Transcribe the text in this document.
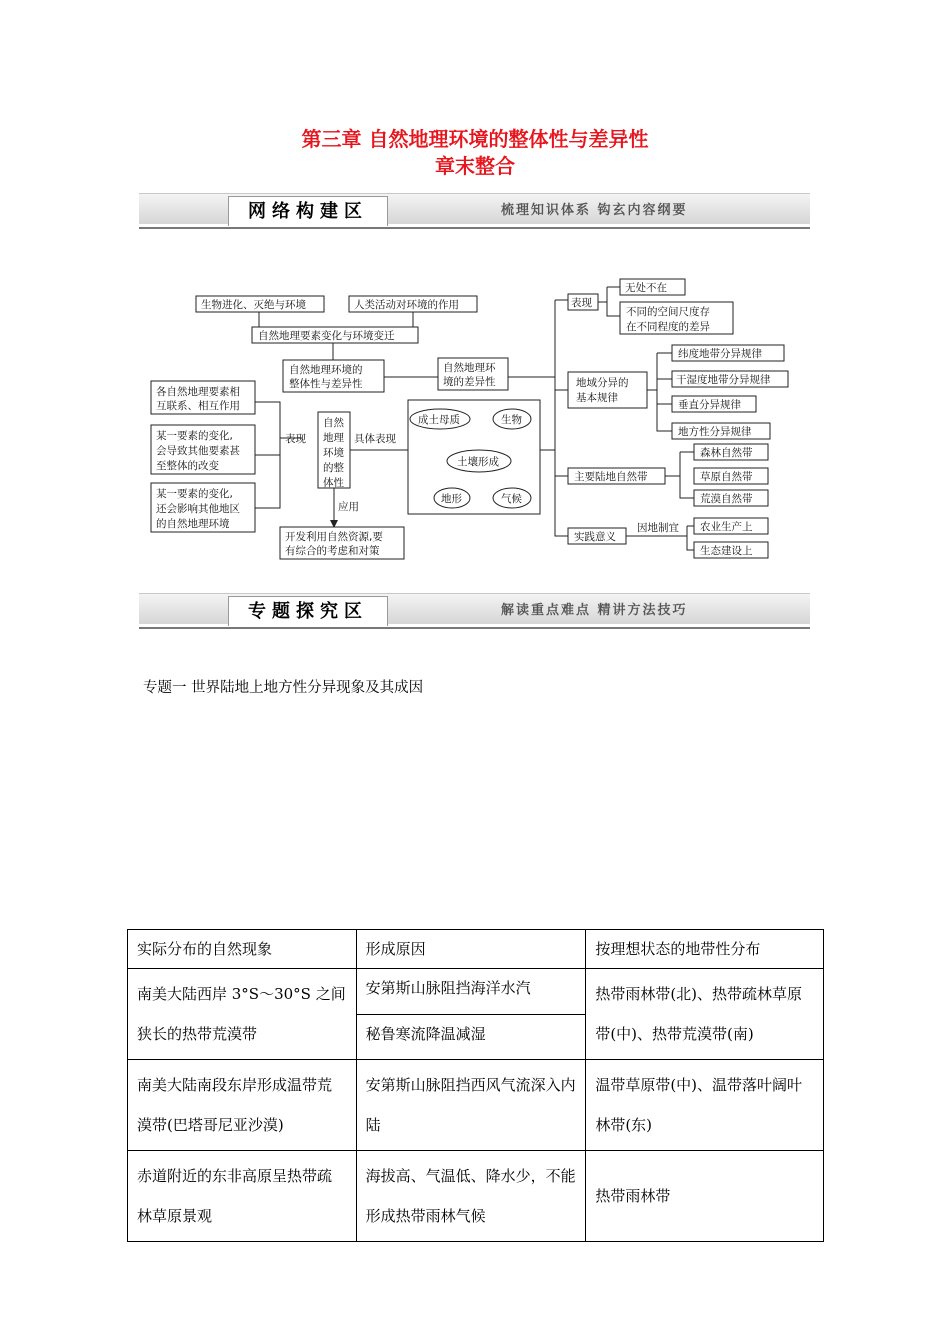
第三章 自然地理环境的整体性与差异性
章末整合
网络构建区	梳理知识体系 钩玄内容纲要
生物进化、灭绝与环境	人类活动对环境的作用
自然地理要素变化与环境变迁
自然地理环境的
整体性与差异性
各自然地理要素相
互联系、相互作用
某一要素的变化,
会导致其他要素甚
至整体的改变
某一要素的变化,
还会影响其他地区
的自然地理环境
表现
自然
地理
环境
的整
体性
具体表现
应用
开发利用自然资源,要
有综合的考虑和对策
成土母质	生物
土壤形成
地形	气候
自然地理环
境的差异性
表现
无处不在
不同的空间尺度存
在不同程度的差异
地域分异的
基本规律
纬度地带分异规律
干湿度地带分异规律
垂直分异规律
地方性分异规律
主要陆地自然带
森林自然带
草原自然带
荒漠自然带
实践意义
因地制宜 农业生产上
生态建设上
专题探究区	解读重点难点 精讲方法技巧
专题一 世界陆地上地方性分异现象及其成因
实际分布的自然现象	形成原因	按理想状态的地带性分布
南美大陆西岸 3°S～30°S 之间狭长的热带荒漠带	安第斯山脉阻挡海洋水汽	热带雨林带(北)、热带疏林草原带(中)、热带荒漠带(南)
	秘鲁寒流降温减湿	
南美大陆南段东岸形成温带荒漠带(巴塔哥尼亚沙漠)	安第斯山脉阻挡西风气流深入内陆	温带草原带(中)、温带落叶阔叶林带(东)
赤道附近的东非高原呈热带疏林草原景观	海拔高、气温低、降水少，不能形成热带雨林气候	热带雨林带
